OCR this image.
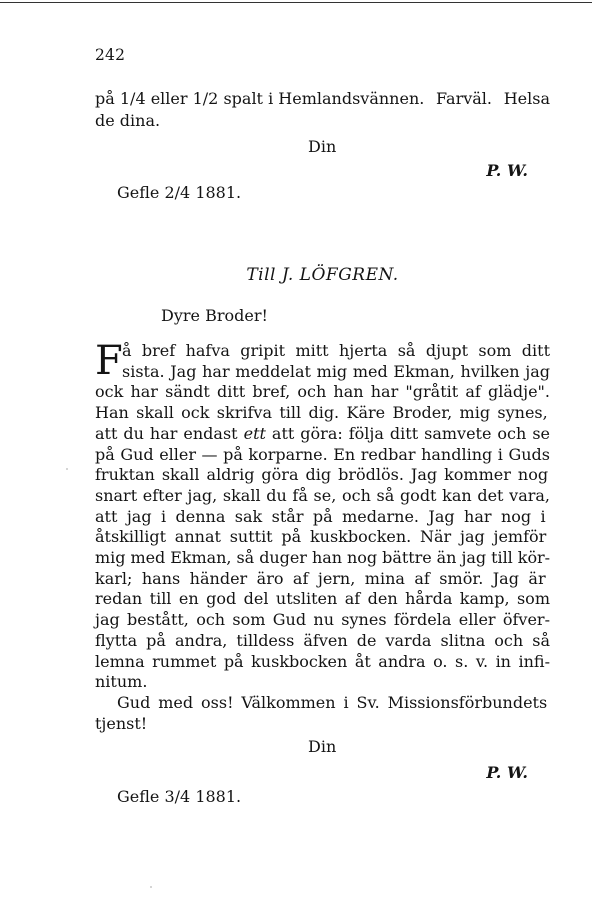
242
på 1/4 eller 1/2 spalt i Hemlandsvännen. Farväl. Helsa
de dina.
Din
P. W.
Gefle 2/4 1881.
Till J. LÖFGREN.
Dyre Broder!
F å bref hafva gripit mitt hjerta så djupt som ditt
sista. Jag har meddelat mig med Ekman, hvilken jag
ock har sändt ditt bref, och han har "gråtit af glädje".
Han skall ock skrifva till dig. Käre Broder, mig synes,
att du har endast ett att göra: följa ditt samvete och se
på Gud eller — på korparne. En redbar handling i Guds
fruktan skall aldrig göra dig brödlös. Jag kommer nog
snart efter jag, skall du få se, och så godt kan det vara,
att jag i denna sak står på medarne. Jag har nog i
åtskilligt annat suttit på kuskbocken. När jag jemför
mig med Ekman, så duger han nog bättre än jag till kör-
karl; hans händer äro af jern, mina af smör. Jag är
redan till en god del utsliten af den hårda kamp, som
jag bestått, och som Gud nu synes fördela eller öfver-
flytta på andra, tilldess äfven de varda slitna och så
lemna rummet på kuskbocken åt andra o. s. v. in infi-
nitum.
Gud med oss! Välkommen i Sv. Missionsförbundets
tjenst!
Din
P. W.
Gefle 3/4 1881.
